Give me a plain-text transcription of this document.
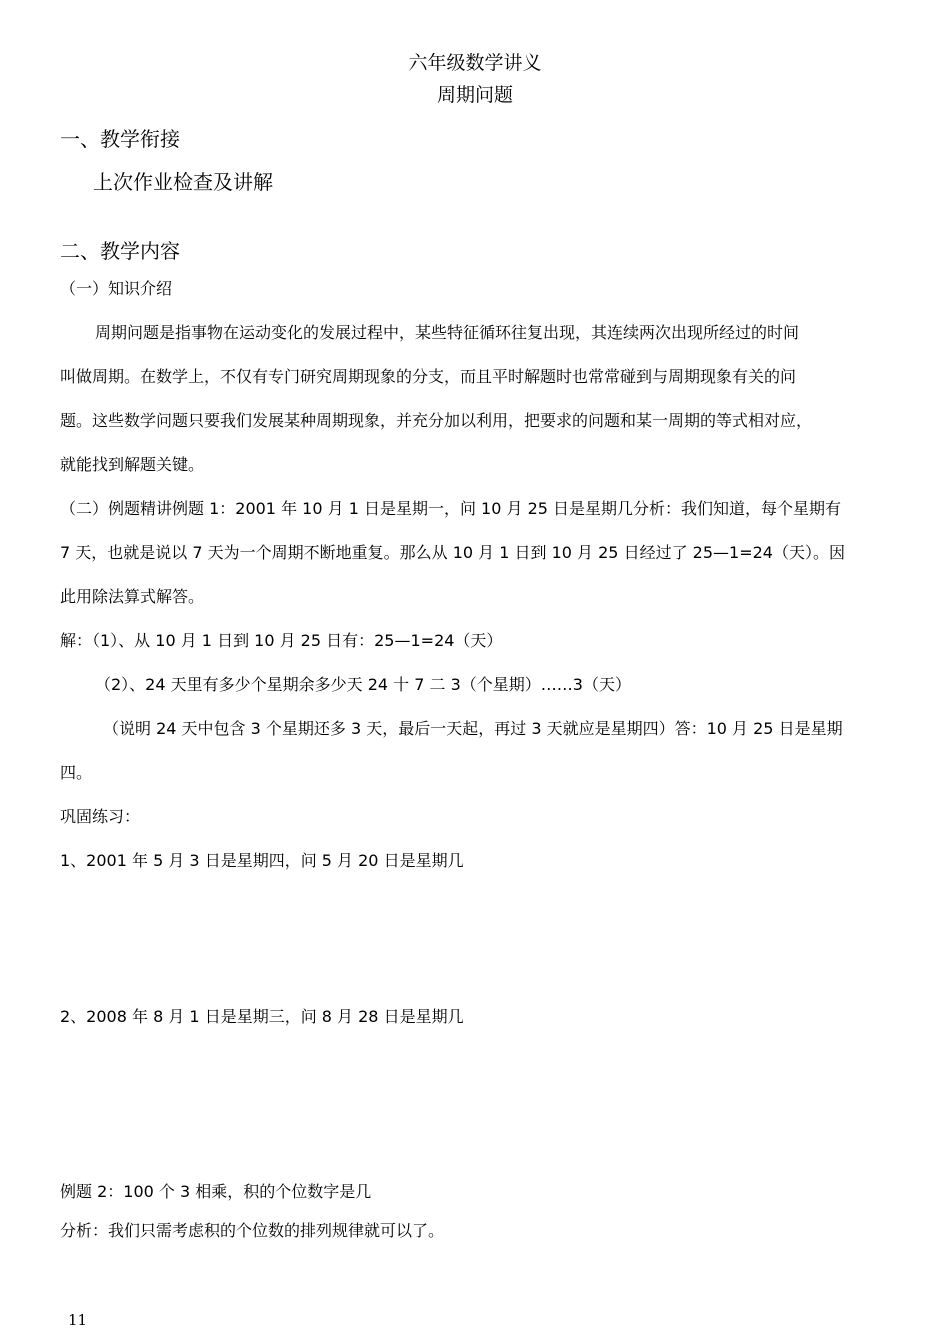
六年级数学讲义
周期问题
一、教学衔接
上次作业检查及讲解
二、教学内容
（一）知识介绍
周期问题是指事物在运动变化的发展过程中，某些特征循环往复出现，其连续两次出现所经过的时间
叫做周期。在数学上，不仅有专门研究周期现象的分支，而且平时解题时也常常碰到与周期现象有关的问
题。这些数学问题只要我们发展某种周期现象，并充分加以利用，把要求的问题和某一周期的等式相对应，
就能找到解题关键。
（二）例题精讲例题 1：2001 年 10 月 1 日是星期一，问 10 月 25 日是星期几分析：我们知道，每个星期有
7 天，也就是说以 7 天为一个周期不断地重复。那么从 10 月 1 日到 10 月 25 日经过了 25—1=24（天）。因
此用除法算式解答。
解：（1）、从 10 月 1 日到 10 月 25 日有：25—1=24（天）
（2）、24 天里有多少个星期余多少天 24 十 7 二 3（个星期）……3（天）
（说明 24 天中包含 3 个星期还多 3 天，最后一天起，再过 3 天就应是星期四）答：10 月 25 日是星期
四。
巩固练习：
1、2001 年 5 月 3 日是星期四，问 5 月 20 日是星期几
2、2008 年 8 月 1 日是星期三，问 8 月 28 日是星期几
例题 2：100 个 3 相乘，积的个位数字是几
分析：我们只需考虑积的个位数的排列规律就可以了。
11
